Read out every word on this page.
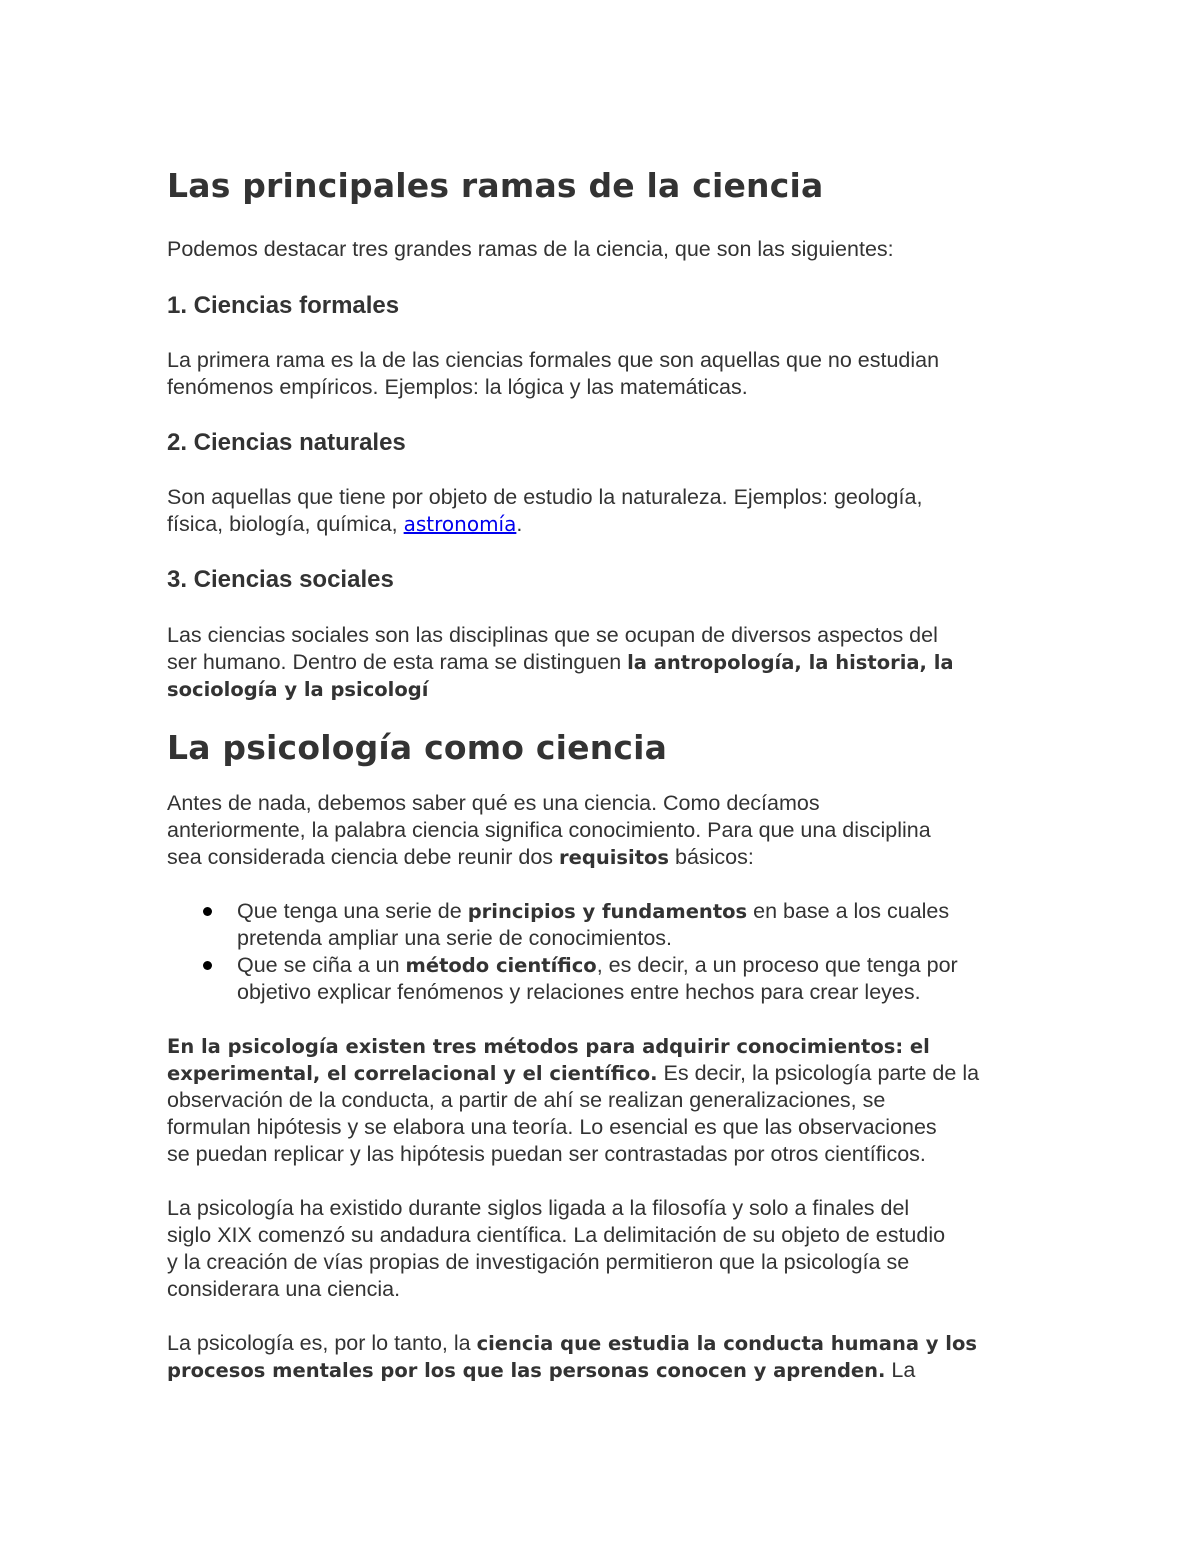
Las principales ramas de la ciencia

Podemos destacar tres grandes ramas de la ciencia, que son las siguientes:

1. Ciencias formales

La primera rama es la de las ciencias formales que son aquellas que no estudian
fenómenos empíricos. Ejemplos: la lógica y las matemáticas.

2. Ciencias naturales

Son aquellas que tiene por objeto de estudio la naturaleza. Ejemplos: geología,
física, biología, química, astronomía.

3. Ciencias sociales

Las ciencias sociales son las disciplinas que se ocupan de diversos aspectos del
ser humano. Dentro de esta rama se distinguen la antropología, la historia, la
sociología y la psicologí

La psicología como ciencia

Antes de nada, debemos saber qué es una ciencia. Como decíamos
anteriormente, la palabra ciencia significa conocimiento. Para que una disciplina
sea considerada ciencia debe reunir dos requisitos básicos:

Que tenga una serie de principios y fundamentos en base a los cuales
pretenda ampliar una serie de conocimientos.
Que se ciña a un método científico, es decir, a un proceso que tenga por
objetivo explicar fenómenos y relaciones entre hechos para crear leyes.

En la psicología existen tres métodos para adquirir conocimientos: el
experimental, el correlacional y el científico. Es decir, la psicología parte de la
observación de la conducta, a partir de ahí se realizan generalizaciones, se
formulan hipótesis y se elabora una teoría. Lo esencial es que las observaciones
se puedan replicar y las hipótesis puedan ser contrastadas por otros científicos.

La psicología ha existido durante siglos ligada a la filosofía y solo a finales del
siglo XIX comenzó su andadura científica. La delimitación de su objeto de estudio
y la creación de vías propias de investigación permitieron que la psicología se
considerara una ciencia.

La psicología es, por lo tanto, la ciencia que estudia la conducta humana y los
procesos mentales por los que las personas conocen y aprenden. La
